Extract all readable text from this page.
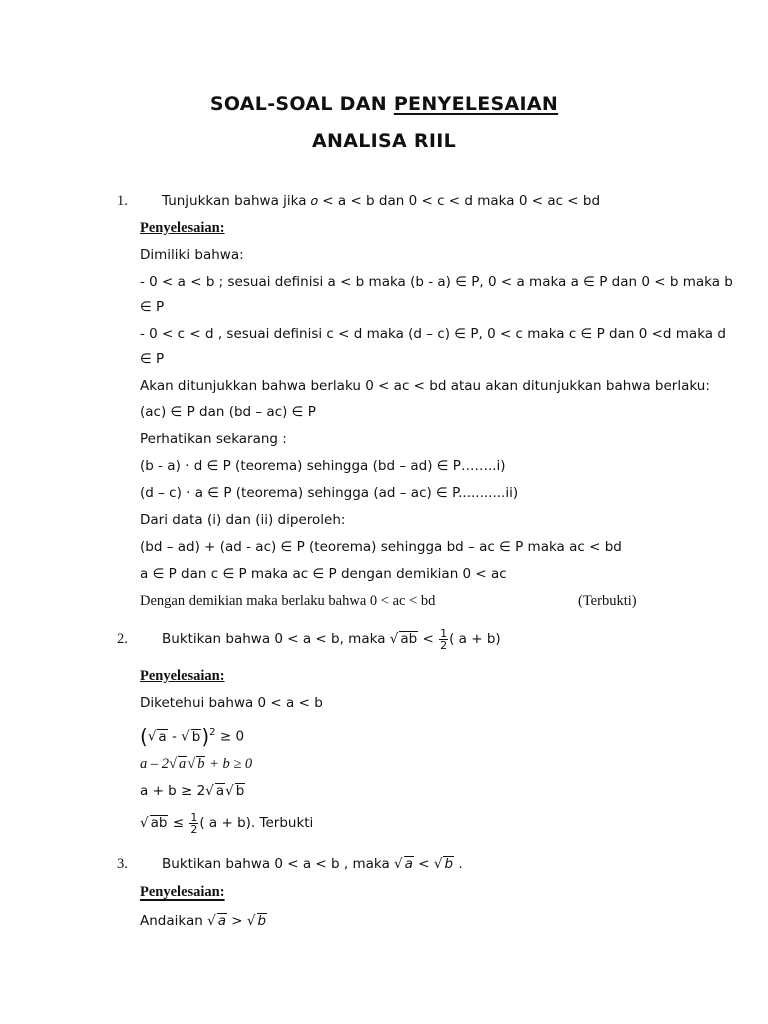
SOAL-SOAL DAN PENYELESAIAN
ANALISA RIIL
1.	Tunjukkan bahwa jika 𝑜 < a < b dan 0 < c < d maka 0 < ac < bd
Penyelesaian:
Dimiliki bahwa:
- 0 < a < b ; sesuai definisi a < b maka (b - a) ∈ P, 0 < a maka a ∈ P dan 0 < b maka b
∈ P
- 0 < c < d , sesuai definisi c < d maka (d – c) ∈ P, 0 < c maka c ∈ P dan 0 <d maka d
∈ P
Akan ditunjukkan bahwa berlaku 0 < ac < bd atau akan ditunjukkan bahwa berlaku:
(ac) ∈ P dan (bd – ac) ∈ P
Perhatikan sekarang :
(b - a) · d ∈ P (teorema) sehingga (bd – ad) ∈ P……..i)
(d – c) · a ∈ P (teorema) sehingga (ad – ac) ∈ P...........ii)
Dari data (i) dan (ii) diperoleh:
(bd – ad) + (ad - ac) ∈ P (teorema) sehingga bd – ac ∈ P maka ac < bd
a ∈ P dan c ∈ P maka ac ∈ P dengan demikian 0 < ac
Dengan demikian maka berlaku bahwa 0 < ac < bd	(Terbukti)
2.	Buktikan bahwa 0 < a < b, maka √ ab < $\frac{1}{2}$ ( a + b)
Penyelesaian:
Diketehui bahwa 0 < a < b
(√ a - √ b)$^2$ ≥ 0
a – 2√ a√ b + b ≥ 0
a + b ≥ 2√ a√ b
√ ab ≤ $\frac{1}{2}$ ( a + b). Terbukti
3.	Buktikan bahwa 0 < a < b , maka √ a < √ b .
Penyelesaian:
Andaikan √ a > √ b
